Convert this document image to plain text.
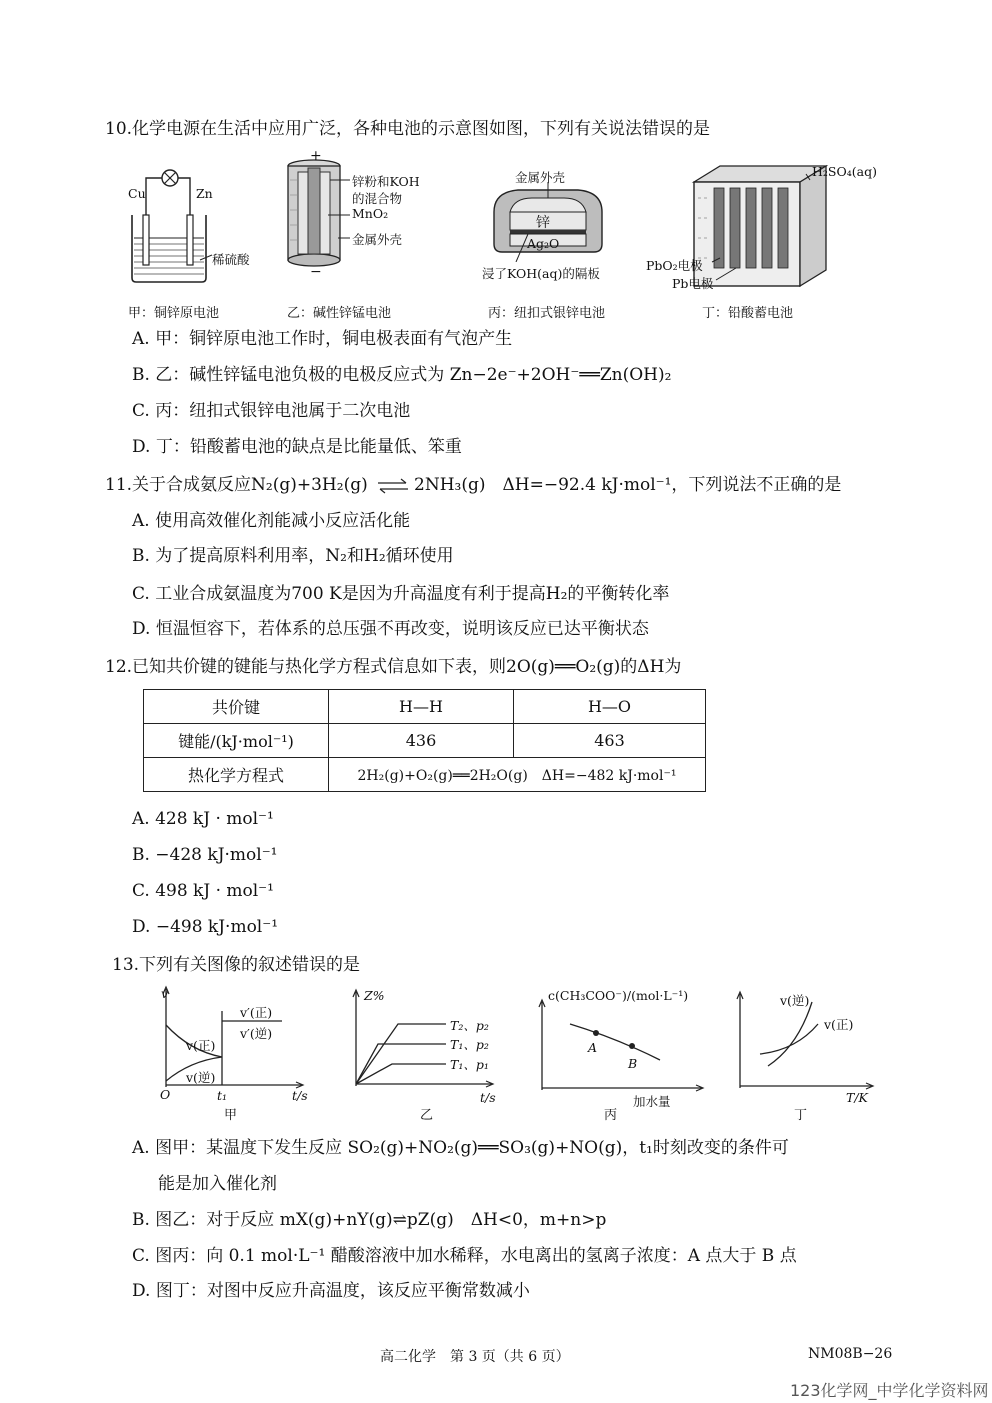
10.化学电源在生活中应用广泛，各种电池的示意图如图，下列有关说法错误的是
Cu	Zn
稀硫酸
甲：铜锌原电池
+
−
锌粉和KOH
的混合物
MnO₂
金属外壳
乙：碱性锌锰电池
金属外壳
锌
Ag₂O
浸了KOH(aq)的隔板
丙：纽扣式银锌电池
H₂SO₄(aq)
PbO₂电极
Pb电极
丁：铅酸蓄电池
A. 甲：铜锌原电池工作时，铜电极表面有气泡产生
B. 乙：碱性锌锰电池负极的电极反应式为 Zn−2e⁻+2OH⁻══Zn(OH)₂
C. 丙：纽扣式银锌电池属于二次电池
D. 丁：铅酸蓄电池的缺点是比能量低、笨重
11.关于合成氨反应N₂(g)+3H₂(g) ⇌ 2NH₃(g)　ΔH=−92.4 kJ·mol⁻¹，下列说法不正确的是
A. 使用高效催化剂能减小反应活化能
B. 为了提高原料利用率，N₂和H₂循环使用
C. 工业合成氨温度为700 K是因为升高温度有利于提高H₂的平衡转化率
D. 恒温恒容下，若体系的总压强不再改变，说明该反应已达平衡状态
12.已知共价键的键能与热化学方程式信息如下表，则2O(g)══O₂(g)的ΔH为
共价键	H—H	H—O
键能/(kJ·mol⁻¹)	436	463
热化学方程式	2H₂(g)+O₂(g)══2H₂O(g)　ΔH=−482 kJ·mol⁻¹	
A. 428 kJ · mol⁻¹
B. −428 kJ·mol⁻¹
C. 498 kJ · mol⁻¹
D. −498 kJ·mol⁻¹
13.下列有关图像的叙述错误的是
v
O	t₁	t/s
v′(正)
v′(逆)
v(正)
v(逆)
甲
Z%
T₂、p₂
T₁、p₂
T₁、p₁
t/s
乙
c(CH₃COO⁻)/(mol·L⁻¹)
A
B
加水量
丙
v(逆)
v(正)
T/K
丁
A. 图甲：某温度下发生反应 SO₂(g)+NO₂(g)══SO₃(g)+NO(g)，t₁时刻改变的条件可
能是加入催化剂
B. 图乙：对于反应 mX(g)+nY(g)⇌pZ(g)　ΔH<0，m+n>p
C. 图丙：向 0.1 mol·L⁻¹ 醋酸溶液中加水稀释，水电离出的氢离子浓度：A 点大于 B 点
D. 图丁：对图中反应升高温度，该反应平衡常数减小
高二化学　第 3 页（共 6 页）	NM08B−26
123化学网_中学化学资料网
